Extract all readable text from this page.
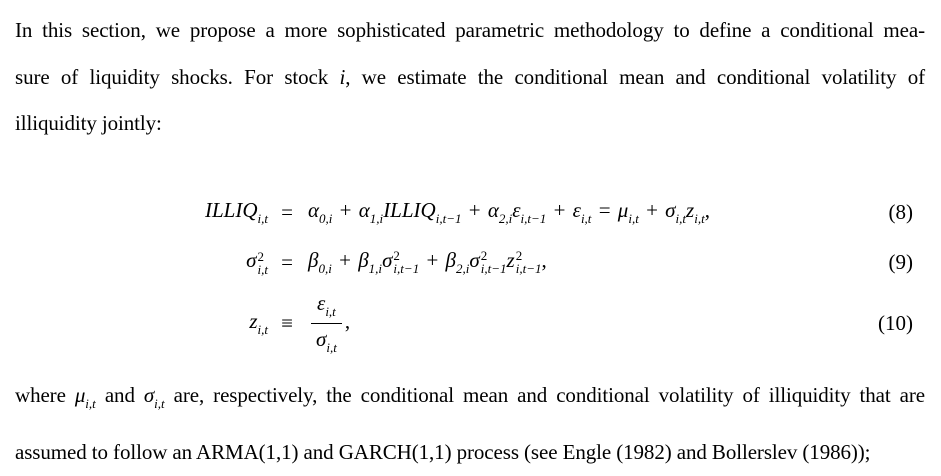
In this section, we propose a more sophisticated parametric methodology to define a conditional mea-
sure of liquidity shocks. For stock i, we estimate the conditional mean and conditional volatility of
illiquidity jointly:
$ILLIQ_{i,t} = \alpha_{0,i}$ + $\alpha_{1,i}ILLIQ_{i,t-1} + \alpha_{2,i}\varepsilon_{i,t-1} + \varepsilon_{i,t} = \mu_{i,t} + \sigma_{i,t}z_{i,t}$,	(8)
σ 2
$i,t = \beta_{0,i} + \beta_{1,i}\sigma$ 2
$i,t-1 + \beta_{2,i}\sigma$ 2
i,t−1 z 2
i,t−1 ,	(9)
$z_{i,t} \equiv \frac{\varepsilon_{i,t}}{\sigma_{i,t}}$ ,	(10)
where $\mu_{i,t}$ and $\sigma_{i,t}$ are, respectively, the conditional mean and conditional volatility of illiquidity that are
assumed to follow an ARMA(1,1) and GARCH(1,1) process (see Engle (1982) and Bollerslev (1986));
